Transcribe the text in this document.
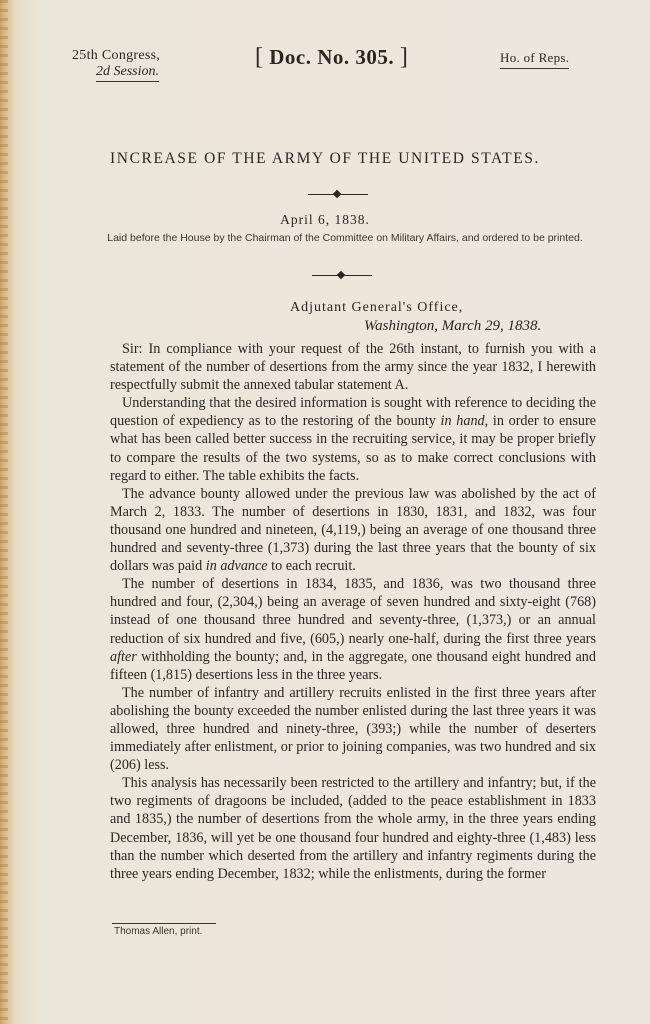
25th Congress,
2d Session.
[ Doc. No. 305. ]	Ho. of Reps.
INCREASE OF THE ARMY OF THE UNITED STATES.
April 6, 1838.
Laid before the House by the Chairman of the Committee on Military Affairs, and ordered to be printed.
Adjutant General's Office,
Washington, March 29, 1838.

Sir: In compliance with your request of the 26th instant, to furnish you with a statement of the number of desertions from the army since the year 1832, I herewith respectfully submit the annexed tabular statement A.

Understanding that the desired information is sought with reference to deciding the question of expediency as to the restoring of the bounty in hand, in order to ensure what has been called better success in the recruiting service, it may be proper briefly to compare the results of the two systems, so as to make correct conclusions with regard to either. The table exhibits the facts.

The advance bounty allowed under the previous law was abolished by the act of March 2, 1833. The number of desertions in 1830, 1831, and 1832, was four thousand one hundred and nineteen, (4,119,) being an average of one thousand three hundred and seventy-three (1,373) during the last three years that the bounty of six dollars was paid in advance to each recruit.

The number of desertions in 1834, 1835, and 1836, was two thousand three hundred and four, (2,304,) being an average of seven hundred and sixty-eight (768) instead of one thousand three hundred and seventy-three, (1,373,) or an annual reduction of six hundred and five, (605,) nearly one-half, during the first three years after withholding the bounty; and, in the aggregate, one thousand eight hundred and fifteen (1,815) desertions less in the three years.

The number of infantry and artillery recruits enlisted in the first three years after abolishing the bounty exceeded the number enlisted during the last three years it was allowed, three hundred and ninety-three, (393;) while the number of deserters immediately after enlistment, or prior to joining companies, was two hundred and six (206) less.

This analysis has necessarily been restricted to the artillery and infantry; but, if the two regiments of dragoons be included, (added to the peace establishment in 1833 and 1835,) the number of desertions from the whole army, in the three years ending December, 1836, will yet be one thousand four hundred and eighty-three (1,483) less than the number which deserted from the artillery and infantry regiments during the three years ending December, 1832; while the enlistments, during the former

Thomas Allen, print.
